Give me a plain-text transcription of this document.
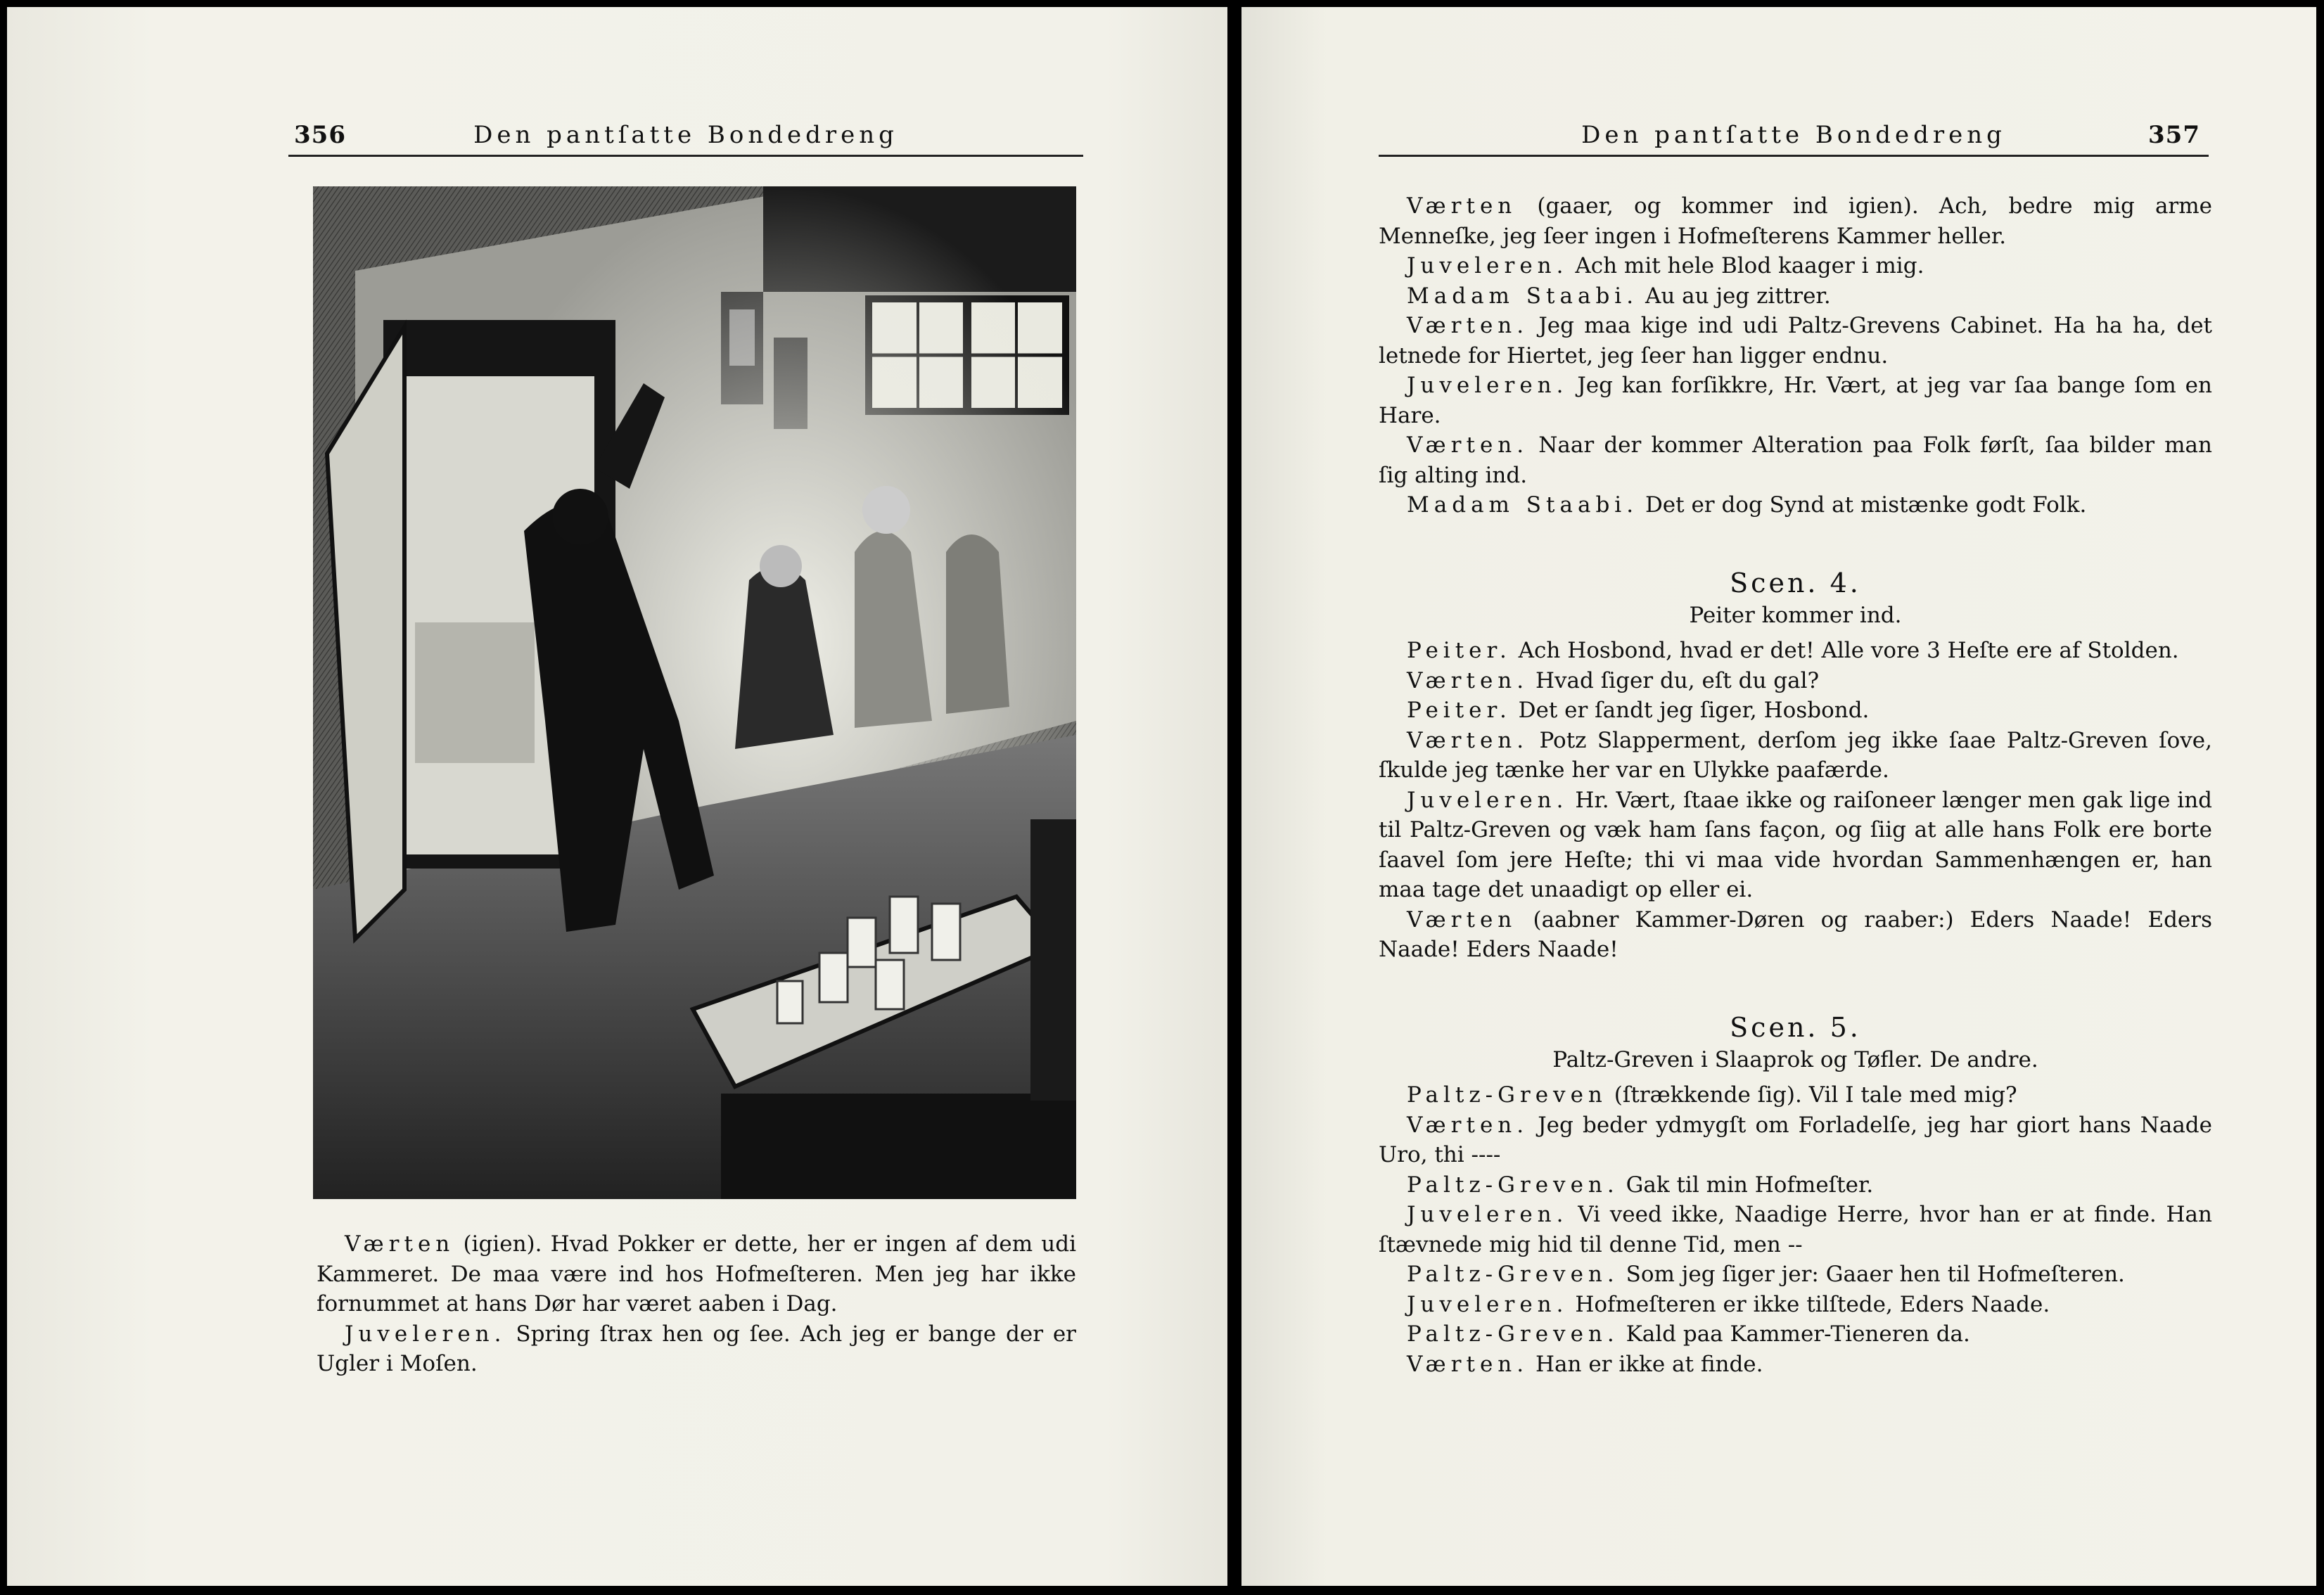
356	Den pantſatte Bondedreng

Værten (igien). Hvad Pokker er dette, her er ingen af dem udi Kammeret. De maa være ind hos Hofmeſteren. Men jeg har ikke fornummet at hans Dør har været aaben i Dag.

Juveleren. Spring ſtrax hen og ſee. Ach jeg er bange der er Ugler i Moſen.

Den pantſatte Bondedreng	357

Værten (gaaer, og kommer ind igien). Ach, bedre mig arme Menneſke, jeg ſeer ingen i Hofmeſterens Kammer heller.

Juveleren. Ach mit hele Blod kaager i mig.

Madam Staabi. Au au jeg zittrer.

Værten. Jeg maa kige ind udi Paltz-Grevens Cabinet. Ha ha ha, det letnede for Hiertet, jeg ſeer han ligger endnu.

Juveleren. Jeg kan forſikkre, Hr. Vært, at jeg var ſaa bange ſom en Hare.

Værten. Naar der kommer Alteration paa Folk førſt, ſaa bilder man ſig alting ind.

Madam Staabi. Det er dog Synd at mistænke godt Folk.

Scen. 4.

Peiter kommer ind.

Peiter. Ach Hosbond, hvad er det! Alle vore 3 Heſte ere af Stolden.

Værten. Hvad ſiger du, eſt du gal?

Peiter. Det er ſandt jeg ſiger, Hosbond.

Værten. Potz Slapperment, derſom jeg ikke ſaae Paltz-Greven ſove, ſkulde jeg tænke her var en Ulykke paafærde.

Juveleren. Hr. Vært, ſtaae ikke og raiſoneer længer men gak lige ind til Paltz-Greven og væk ham ſans façon, og ſiig at alle hans Folk ere borte ſaavel ſom jere Heſte; thi vi maa vide hvordan Sammenhængen er, han maa tage det unaadigt op eller ei.

Værten (aabner Kammer-Døren og raaber:) Eders Naade! Eders Naade! Eders Naade!

Scen. 5.

Paltz-Greven i Slaaprok og Tøfler. De andre.

Paltz-Greven (ſtrækkende ſig). Vil I tale med mig?

Værten. Jeg beder ydmygſt om Forladelſe, jeg har giort hans Naade Uro, thi ----

Paltz-Greven. Gak til min Hofmeſter.

Juveleren. Vi veed ikke, Naadige Herre, hvor han er at finde. Han ſtævnede mig hid til denne Tid, men --

Paltz-Greven. Som jeg ſiger jer: Gaaer hen til Hofmeſteren.

Juveleren. Hofmeſteren er ikke tilſtede, Eders Naade.

Paltz-Greven. Kald paa Kammer-Tieneren da.

Værten. Han er ikke at finde.
